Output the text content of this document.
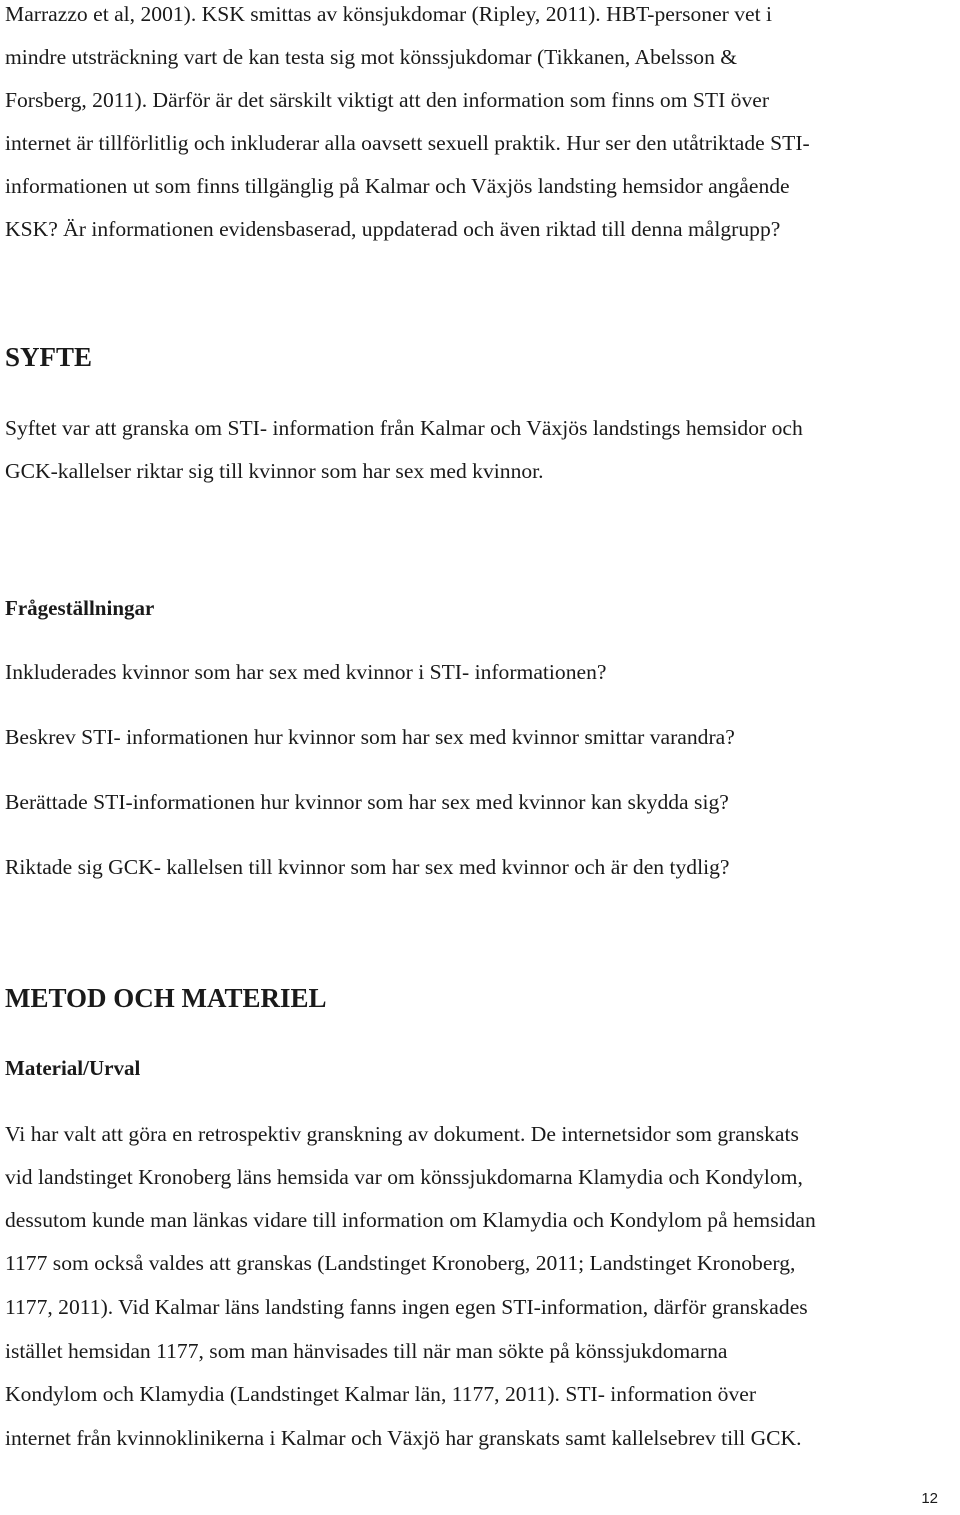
Marrazzo et al, 2001). KSK smittas av könsjukdomar (Ripley, 2011). HBT-personer vet i
mindre utsträckning vart de kan testa sig mot könssjukdomar (Tikkanen, Abelsson &
Forsberg, 2011). Därför är det särskilt viktigt att den information som finns om STI över
internet är tillförlitlig och inkluderar alla oavsett sexuell praktik. Hur ser den utåtriktade STI-
informationen ut som finns tillgänglig på Kalmar och Växjös landsting hemsidor angående
KSK? Är informationen evidensbaserad, uppdaterad och även riktad till denna målgrupp?
SYFTE
Syftet var att granska om STI- information från Kalmar och Växjös landstings hemsidor och
GCK-kallelser riktar sig till kvinnor som har sex med kvinnor.
Frågeställningar
Inkluderades kvinnor som har sex med kvinnor i STI- informationen?
Beskrev STI- informationen hur kvinnor som har sex med kvinnor smittar varandra?
Berättade STI-informationen hur kvinnor som har sex med kvinnor kan skydda sig?
Riktade sig GCK- kallelsen till kvinnor som har sex med kvinnor och är den tydlig?
METOD OCH MATERIEL
Material/Urval
Vi har valt att göra en retrospektiv granskning av dokument. De internetsidor som granskats
vid landstinget Kronoberg läns hemsida var om könssjukdomarna Klamydia och Kondylom,
dessutom kunde man länkas vidare till information om Klamydia och Kondylom på hemsidan
1177 som också valdes att granskas (Landstinget Kronoberg, 2011; Landstinget Kronoberg,
1177, 2011). Vid Kalmar läns landsting fanns ingen egen STI-information, därför granskades
istället hemsidan 1177, som man hänvisades till när man sökte på könssjukdomarna
Kondylom och Klamydia (Landstinget Kalmar län, 1177, 2011). STI- information över
internet från kvinnoklinikerna i Kalmar och Växjö har granskats samt kallelsebrev till GCK.
12
